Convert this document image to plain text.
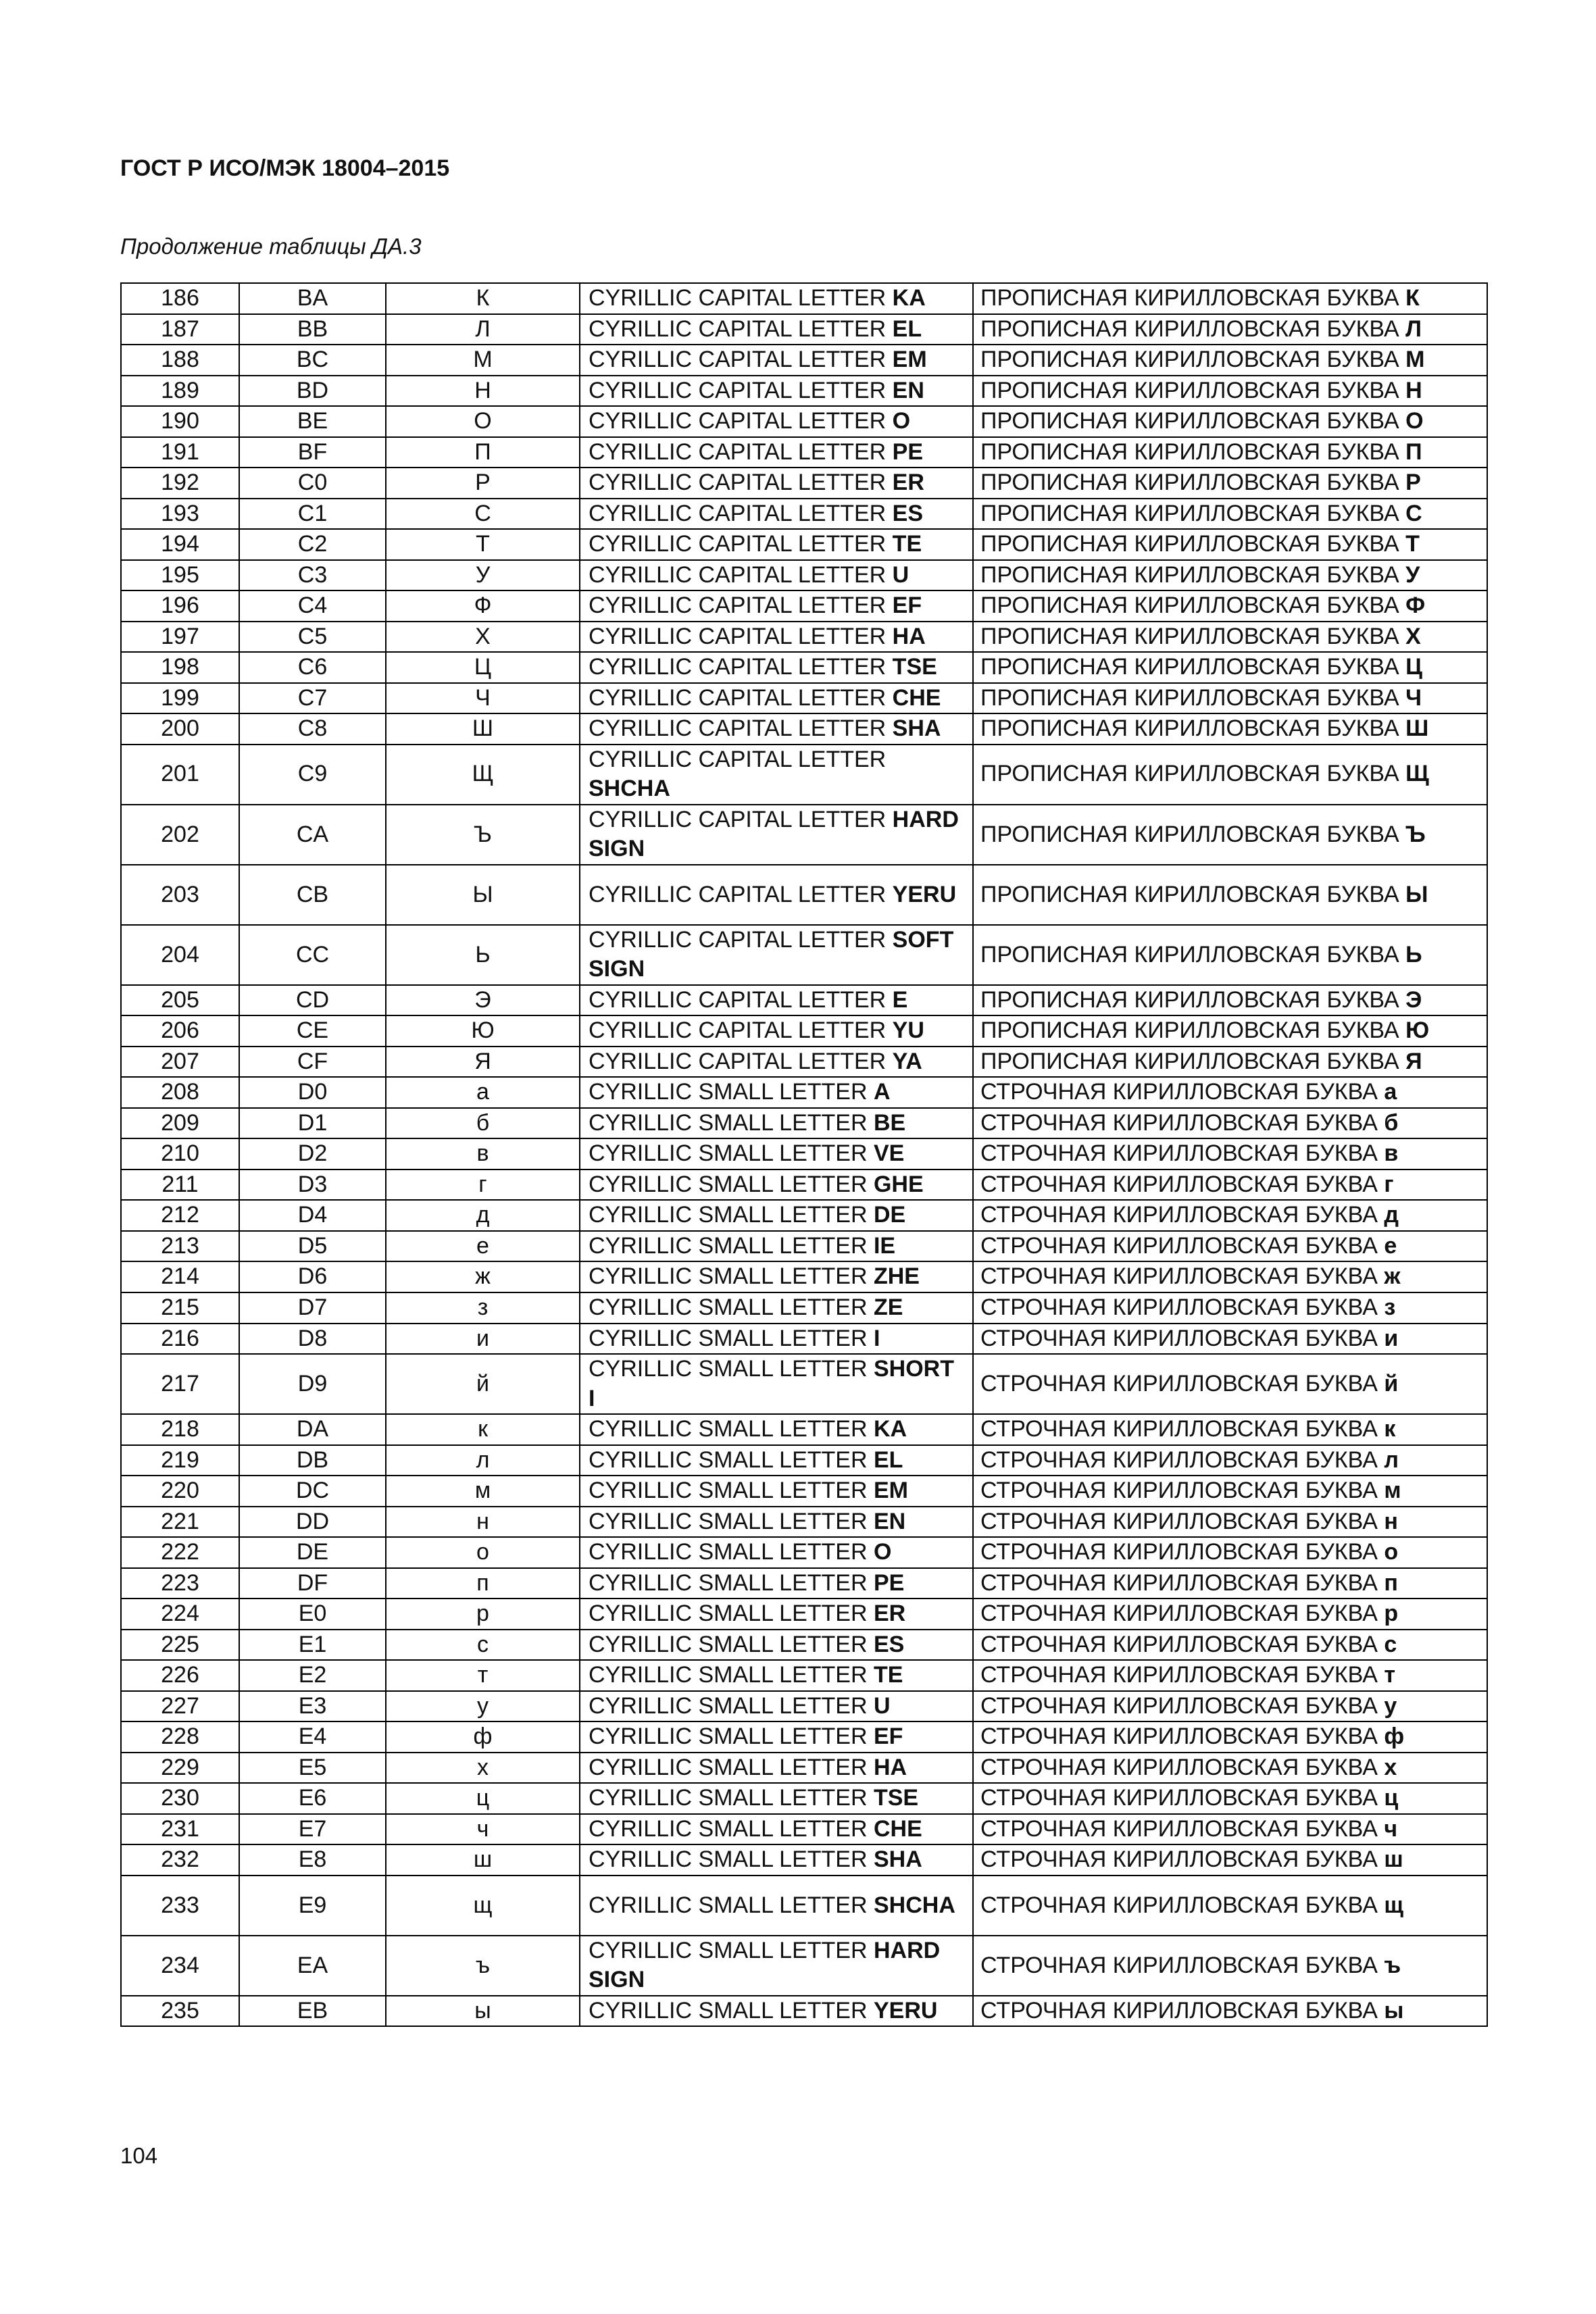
ГОСТ Р ИСО/МЭК 18004–2015

Продолжение таблицы ДА.3

186	BA	К	CYRILLIC CAPITAL LETTER KA	ПРОПИСНАЯ КИРИЛЛОВСКАЯ БУКВА К
187	BB	Л	CYRILLIC CAPITAL LETTER EL	ПРОПИСНАЯ КИРИЛЛОВСКАЯ БУКВА Л
188	BC	М	CYRILLIC CAPITAL LETTER EM	ПРОПИСНАЯ КИРИЛЛОВСКАЯ БУКВА М
189	BD	Н	CYRILLIC CAPITAL LETTER EN	ПРОПИСНАЯ КИРИЛЛОВСКАЯ БУКВА Н
190	BE	О	CYRILLIC CAPITAL LETTER O	ПРОПИСНАЯ КИРИЛЛОВСКАЯ БУКВА О
191	BF	П	CYRILLIC CAPITAL LETTER PE	ПРОПИСНАЯ КИРИЛЛОВСКАЯ БУКВА П
192	C0	Р	CYRILLIC CAPITAL LETTER ER	ПРОПИСНАЯ КИРИЛЛОВСКАЯ БУКВА Р
193	C1	С	CYRILLIC CAPITAL LETTER ES	ПРОПИСНАЯ КИРИЛЛОВСКАЯ БУКВА С
194	C2	Т	CYRILLIC CAPITAL LETTER TE	ПРОПИСНАЯ КИРИЛЛОВСКАЯ БУКВА Т
195	C3	У	CYRILLIC CAPITAL LETTER U	ПРОПИСНАЯ КИРИЛЛОВСКАЯ БУКВА У
196	C4	Ф	CYRILLIC CAPITAL LETTER EF	ПРОПИСНАЯ КИРИЛЛОВСКАЯ БУКВА Ф
197	C5	Х	CYRILLIC CAPITAL LETTER HA	ПРОПИСНАЯ КИРИЛЛОВСКАЯ БУКВА Х
198	C6	Ц	CYRILLIC CAPITAL LETTER TSE	ПРОПИСНАЯ КИРИЛЛОВСКАЯ БУКВА Ц
199	C7	Ч	CYRILLIC CAPITAL LETTER CHE	ПРОПИСНАЯ КИРИЛЛОВСКАЯ БУКВА Ч
200	C8	Ш	CYRILLIC CAPITAL LETTER SHA	ПРОПИСНАЯ КИРИЛЛОВСКАЯ БУКВА Ш
201	C9	Щ	CYRILLIC CAPITAL LETTER SHCHA	ПРОПИСНАЯ КИРИЛЛОВСКАЯ БУКВА Щ
202	CA	Ъ	CYRILLIC CAPITAL LETTER HARD SIGN	ПРОПИСНАЯ КИРИЛЛОВСКАЯ БУКВА Ъ
203	CB	Ы	CYRILLIC CAPITAL LETTER YERU	ПРОПИСНАЯ КИРИЛЛОВСКАЯ БУКВА Ы
204	CC	Ь	CYRILLIC CAPITAL LETTER SOFT SIGN	ПРОПИСНАЯ КИРИЛЛОВСКАЯ БУКВА Ь
205	CD	Э	CYRILLIC CAPITAL LETTER E	ПРОПИСНАЯ КИРИЛЛОВСКАЯ БУКВА Э
206	CE	Ю	CYRILLIC CAPITAL LETTER YU	ПРОПИСНАЯ КИРИЛЛОВСКАЯ БУКВА Ю
207	CF	Я	CYRILLIC CAPITAL LETTER YA	ПРОПИСНАЯ КИРИЛЛОВСКАЯ БУКВА Я
208	D0	а	CYRILLIC SMALL LETTER A	СТРОЧНАЯ КИРИЛЛОВСКАЯ БУКВА а
209	D1	б	CYRILLIC SMALL LETTER BE	СТРОЧНАЯ КИРИЛЛОВСКАЯ БУКВА б
210	D2	в	CYRILLIC SMALL LETTER VE	СТРОЧНАЯ КИРИЛЛОВСКАЯ БУКВА в
211	D3	г	CYRILLIC SMALL LETTER GHE	СТРОЧНАЯ КИРИЛЛОВСКАЯ БУКВА г
212	D4	д	CYRILLIC SMALL LETTER DE	СТРОЧНАЯ КИРИЛЛОВСКАЯ БУКВА д
213	D5	е	CYRILLIC SMALL LETTER IE	СТРОЧНАЯ КИРИЛЛОВСКАЯ БУКВА е
214	D6	ж	CYRILLIC SMALL LETTER ZHE	СТРОЧНАЯ КИРИЛЛОВСКАЯ БУКВА ж
215	D7	з	CYRILLIC SMALL LETTER ZE	СТРОЧНАЯ КИРИЛЛОВСКАЯ БУКВА з
216	D8	и	CYRILLIC SMALL LETTER I	СТРОЧНАЯ КИРИЛЛОВСКАЯ БУКВА и
217	D9	й	CYRILLIC SMALL LETTER SHORT I	СТРОЧНАЯ КИРИЛЛОВСКАЯ БУКВА й
218	DA	к	CYRILLIC SMALL LETTER KA	СТРОЧНАЯ КИРИЛЛОВСКАЯ БУКВА к
219	DB	л	CYRILLIC SMALL LETTER EL	СТРОЧНАЯ КИРИЛЛОВСКАЯ БУКВА л
220	DC	м	CYRILLIC SMALL LETTER EM	СТРОЧНАЯ КИРИЛЛОВСКАЯ БУКВА м
221	DD	н	CYRILLIC SMALL LETTER EN	СТРОЧНАЯ КИРИЛЛОВСКАЯ БУКВА н
222	DE	о	CYRILLIC SMALL LETTER O	СТРОЧНАЯ КИРИЛЛОВСКАЯ БУКВА о
223	DF	п	CYRILLIC SMALL LETTER PE	СТРОЧНАЯ КИРИЛЛОВСКАЯ БУКВА п
224	E0	р	CYRILLIC SMALL LETTER ER	СТРОЧНАЯ КИРИЛЛОВСКАЯ БУКВА р
225	E1	с	CYRILLIC SMALL LETTER ES	СТРОЧНАЯ КИРИЛЛОВСКАЯ БУКВА с
226	E2	т	CYRILLIC SMALL LETTER TE	СТРОЧНАЯ КИРИЛЛОВСКАЯ БУКВА т
227	E3	у	CYRILLIC SMALL LETTER U	СТРОЧНАЯ КИРИЛЛОВСКАЯ БУКВА у
228	E4	ф	CYRILLIC SMALL LETTER EF	СТРОЧНАЯ КИРИЛЛОВСКАЯ БУКВА ф
229	E5	х	CYRILLIC SMALL LETTER HA	СТРОЧНАЯ КИРИЛЛОВСКАЯ БУКВА х
230	E6	ц	CYRILLIC SMALL LETTER TSE	СТРОЧНАЯ КИРИЛЛОВСКАЯ БУКВА ц
231	E7	ч	CYRILLIC SMALL LETTER CHE	СТРОЧНАЯ КИРИЛЛОВСКАЯ БУКВА ч
232	E8	ш	CYRILLIC SMALL LETTER SHA	СТРОЧНАЯ КИРИЛЛОВСКАЯ БУКВА ш
233	E9	щ	CYRILLIC SMALL LETTER SHCHA	СТРОЧНАЯ КИРИЛЛОВСКАЯ БУКВА щ
234	EA	ъ	CYRILLIC SMALL LETTER HARD SIGN	СТРОЧНАЯ КИРИЛЛОВСКАЯ БУКВА ъ
235	EB	ы	CYRILLIC SMALL LETTER YERU	СТРОЧНАЯ КИРИЛЛОВСКАЯ БУКВА ы

104
